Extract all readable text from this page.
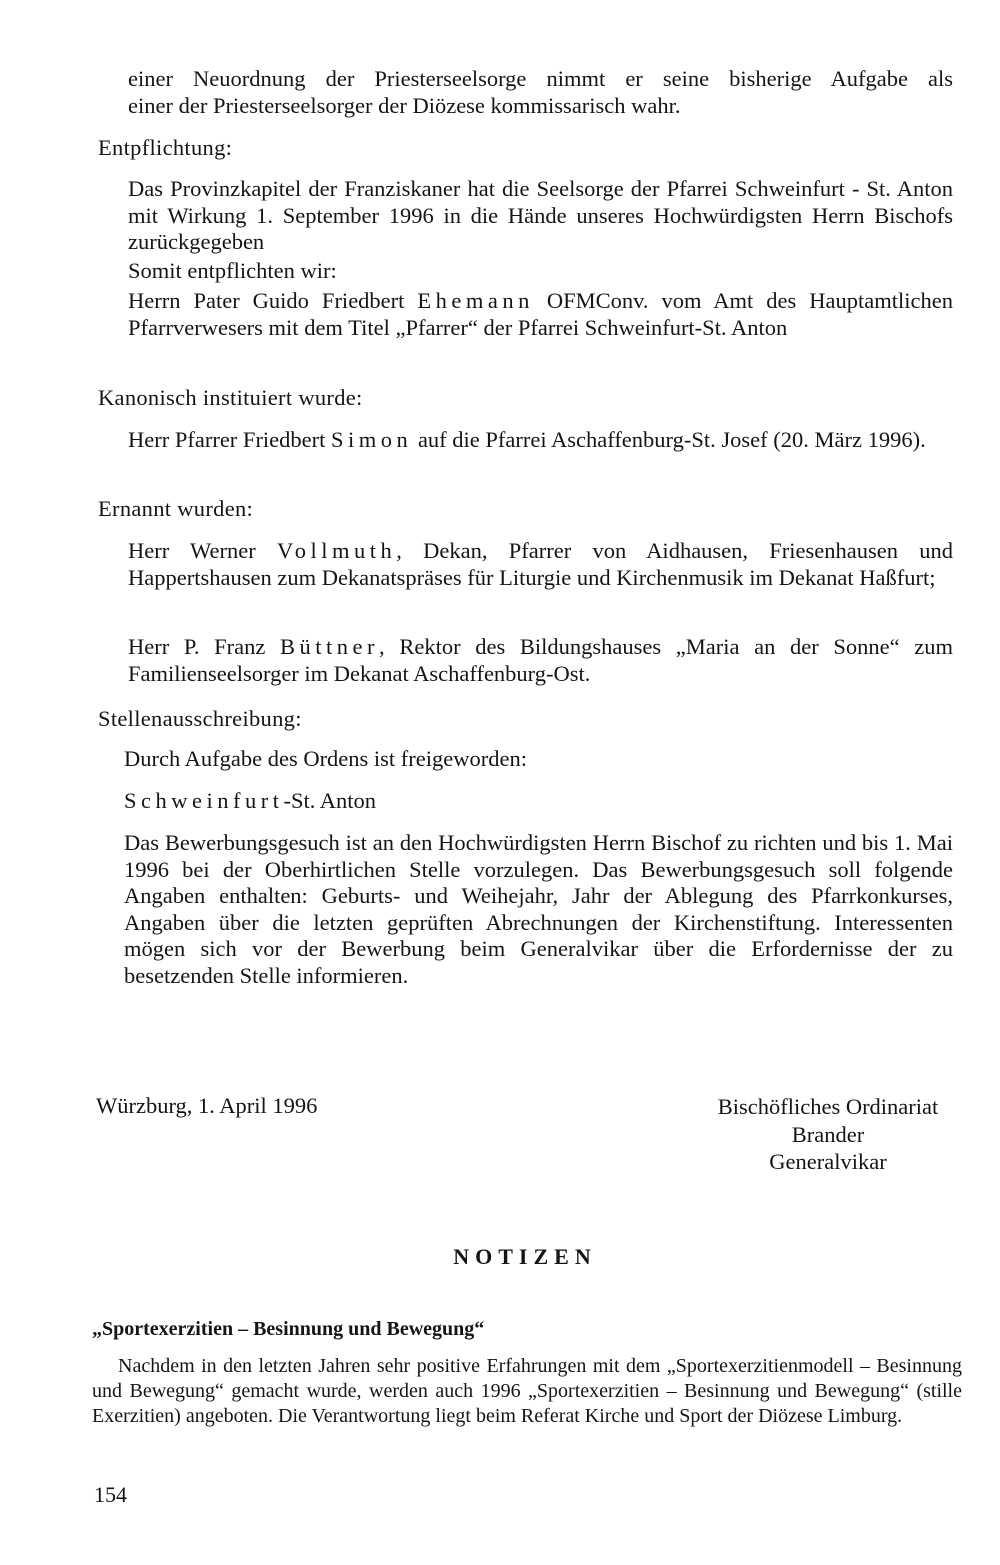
einer Neuordnung der Priesterseelsorge nimmt er seine bisherige Aufgabe als
einer der Priesterseelsorger der Diözese kommissarisch wahr.
Entpflichtung:
Das Provinzkapitel der Franziskaner hat die Seelsorge der Pfarrei Schweinfurt - St. Anton mit Wirkung 1. September 1996 in die Hände unseres Hochwürdigsten Herrn Bischofs zurückgegeben
Somit entpflichten wir:
Herrn Pater Guido Friedbert Ehemann OFMConv. vom Amt des Hauptamtlichen Pfarrverwesers mit dem Titel „Pfarrer“ der Pfarrei Schweinfurt-St. Anton
Kanonisch instituiert wurde:
Herr Pfarrer Friedbert Simon auf die Pfarrei Aschaffenburg-St. Josef (20. März 1996).
Ernannt wurden:
Herr Werner Vollmuth, Dekan, Pfarrer von Aidhausen, Friesenhausen und Happertshausen zum Dekanatspräses für Liturgie und Kirchenmusik im Dekanat Haßfurt;
Herr P. Franz Büttner, Rektor des Bildungshauses „Maria an der Sonne“ zum Familienseelsorger im Dekanat Aschaffenburg-Ost.
Stellenausschreibung:
Durch Aufgabe des Ordens ist freigeworden:
Schweinfurt-St. Anton
Das Bewerbungsgesuch ist an den Hochwürdigsten Herrn Bischof zu richten und bis 1. Mai 1996 bei der Oberhirtlichen Stelle vorzulegen. Das Bewerbungsgesuch soll folgende Angaben enthalten: Geburts- und Weihejahr, Jahr der Ablegung des Pfarrkonkurses, Angaben über die letzten geprüften Abrechnungen der Kirchenstiftung. Interessenten mögen sich vor der Bewerbung beim Generalvikar über die Erfordernisse der zu besetzenden Stelle informieren.
Würzburg, 1. April 1996	Bischöfliches Ordinariat
Brander
Generalvikar
NOTIZEN
„Sportexerzitien – Besinnung und Bewegung“
Nachdem in den letzten Jahren sehr positive Erfahrungen mit dem „Sportexerzitienmodell – Besinnung und Bewegung“ gemacht wurde, werden auch 1996 „Sportexerzitien – Besinnung und Bewegung“ (stille Exerzitien) angeboten. Die Verantwortung liegt beim Referat Kirche und Sport der Diözese Limburg.
154
